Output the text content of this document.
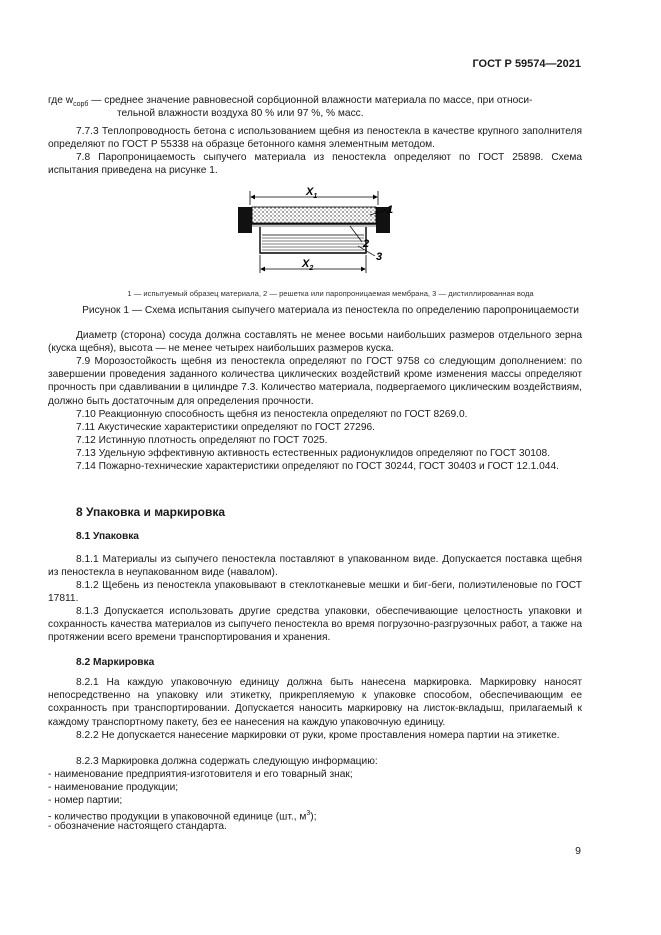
ГОСТ Р 59574—2021
где $w_{сорб}$ — среднее значение равновесной сорбционной влажности материала по массе, при относи-
тельной влажности воздуха 80 % или 97 %, % масс.
7.7.3 Теплопроводность бетона с использованием щебня из пеностекла в качестве крупного заполнителя определяют по ГОСТ Р 55338 на образце бетонного камня элементным методом.
7.8 Паропроницаемость сыпучего материала из пеностекла определяют по ГОСТ 25898. Схема испытания приведена на рисунке 1.
$X_1$
$X_2$
1
2
3
1 — испытуемый образец материала, 2 — решетка или паропроницаемая мембрана, 3 — дистиллированная вода
Рисунок 1 — Схема испытания сыпучего материала из пеностекла по определению паропроницаемости
Диаметр (сторона) сосуда должна составлять не менее восьми наибольших размеров отдельного зерна (куска щебня), высота — не менее четырех наибольших размеров куска.
7.9 Морозостойкость щебня из пеностекла определяют по ГОСТ 9758 со следующим дополнением: по завершении проведения заданного количества циклических воздействий кроме изменения массы определяют прочность при сдавливании в цилиндре 7.3. Количество материала, подвергаемого циклическим воздействиям, должно быть достаточным для определения прочности.
7.10 Реакционную способность щебня из пеностекла определяют по ГОСТ 8269.0.
7.11 Акустические характеристики определяют по ГОСТ 27296.
7.12 Истинную плотность определяют по ГОСТ 7025.
7.13 Удельную эффективную активность естественных радионуклидов определяют по ГОСТ 30108.
7.14 Пожарно-технические характеристики определяют по ГОСТ 30244, ГОСТ 30403 и ГОСТ 12.1.044.
8 Упаковка и маркировка
8.1 Упаковка
8.1.1 Материалы из сыпучего пеностекла поставляют в упакованном виде. Допускается поставка щебня из пеностекла в неупакованном виде (навалом).
8.1.2 Щебень из пеностекла упаковывают в стеклотканевые мешки и биг-беги, полиэтиленовые по ГОСТ 17811.
8.1.3 Допускается использовать другие средства упаковки, обеспечивающие целостность упаковки и сохранность качества материалов из сыпучего пеностекла во время погрузочно-разгрузочных работ, а также на протяжении всего времени транспортирования и хранения.
8.2 Маркировка
8.2.1 На каждую упаковочную единицу должна быть нанесена маркировка. Маркировку наносят непосредственно на упаковку или этикетку, прикрепляемую к упаковке способом, обеспечивающим ее сохранность при транспортировании. Допускается наносить маркировку на листок-вкладыш, прилагаемый к каждому транспортному пакету, без ее нанесения на каждую упаковочную единицу.
8.2.2 Не допускается нанесение маркировки от руки, кроме проставления номера партии на этикетке.
8.2.3 Маркировка должна содержать следующую информацию:
- наименование предприятия-изготовителя и его товарный знак;
- наименование продукции;
- номер партии;
- количество продукции в упаковочной единице (шт., $м^3$);
- обозначение настоящего стандарта.
9
